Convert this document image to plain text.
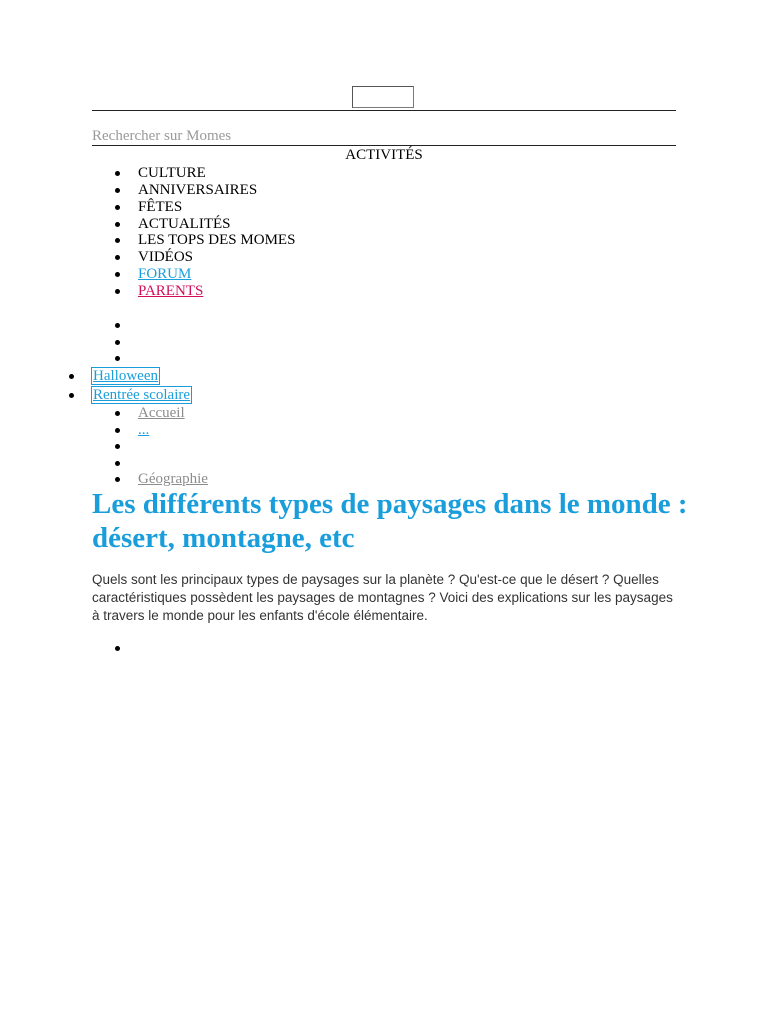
Rechercher sur Momes
ACTIVITÉS
CULTURE
ANNIVERSAIRES
FÊTES
ACTUALITÉS
LES TOPS DES MOMES
VIDÉOS
FORUM
PARENTS
Halloween
Rentrée scolaire
Accueil
...
Géographie
Les différents types de paysages dans le monde : désert, montagne, etc

Quels sont les principaux types de paysages sur la planète ? Qu'est-ce que le désert ? Quelles caractéristiques possèdent les paysages de montagnes ? Voici des explications sur les paysages à travers le monde pour les enfants d'école élémentaire.
